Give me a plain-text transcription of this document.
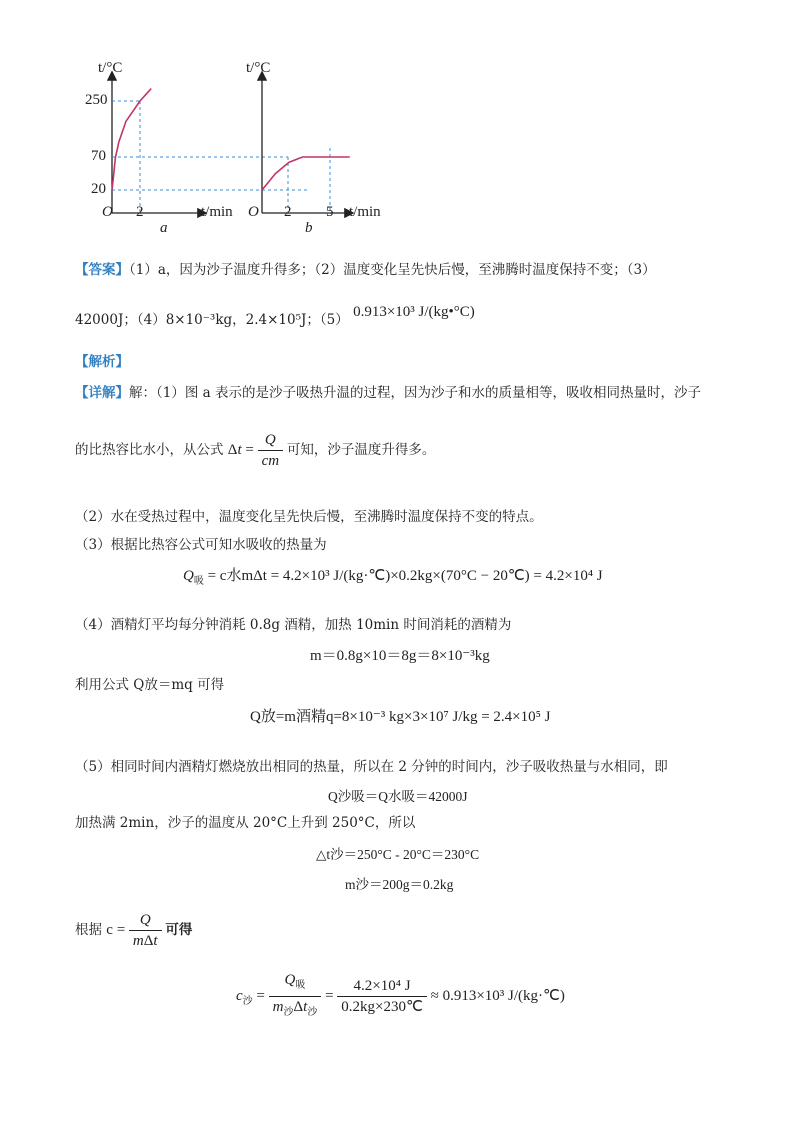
t/°C
250
70
20
O 2	t/min
a
t/°C
O 2 5 t/min
b
【答案】（1）a，因为沙子温度升得多；（2）温度变化呈先快后慢，至沸腾时温度保持不变；（3）
42000J；（4）8×10⁻³kg，2.4×10⁵J；（5） 0.913×10³ J/(kg•°C)
【解析】
【详解】解：（1）图 a 表示的是沙子吸热升温的过程，因为沙子和水的质量相等，吸收相同热量时，沙子
的比热容比水小，从公式 $\Delta t = \frac{Q}{cm}$ 可知，沙子温度升得多。
（2）水在受热过程中，温度变化呈先快后慢，至沸腾时温度保持不变的特点。
（3）根据比热容公式可知水吸收的热量为
$Q_吸 = c$水mΔt = 4.2×10³ J/(kg·℃)×0.2kg×(70°C − 20℃) = 4.2×10⁴ J
（4）酒精灯平均每分钟消耗 0.8g 酒精，加热 10min 时间消耗的酒精为
m＝0.8g×10＝8g＝8×10⁻³kg
利用公式 Q放＝mq 可得
Q放=m酒精q=8×10⁻³ kg×3×10⁷ J/kg = 2.4×10⁵ J
（5）相同时间内酒精灯燃烧放出相同的热量，所以在 2 分钟的时间内，沙子吸收热量与水相同，即
Q沙吸＝Q水吸＝42000J
加热满 2min，沙子的温度从 20°C上升到 250°C，所以
△t沙＝250°C - 20°C＝230°C
m沙＝200g＝0.2kg
根据 $c = \frac{Q}{\text{mΔt}}$ 可得
$c_沙 = \frac{Q_吸}{m_沙\Delta t_沙} = \frac{\text{4.2×10⁴ J}}{0.2kg\times 230℃} \approx 0.913\times 10^3$ J/(kg·℃)
